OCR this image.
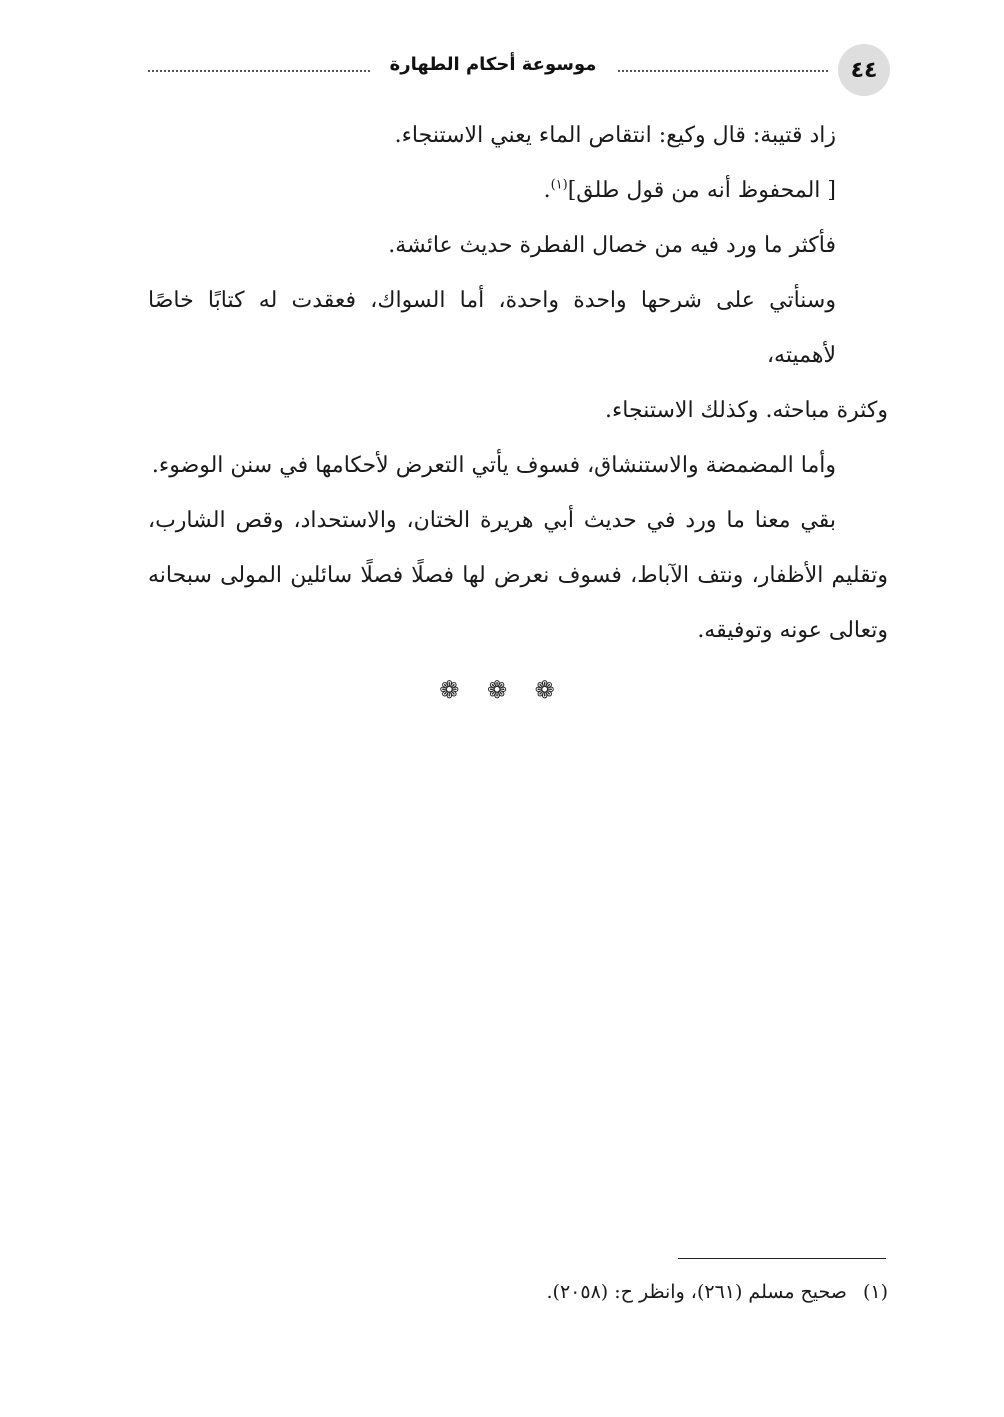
٤٤
موسوعة أحكام الطهارة
زاد قتيبة: قال وكيع: انتقاص الماء يعني الاستنجاء.
[ المحفوظ أنه من قول طلق]$^{(١)}$.
فأكثر ما ورد فيه من خصال الفطرة حديث عائشة.
وسنأتي على شرحها واحدة واحدة، أما السواك، فعقدت له كتابًا خاصًا لأهميته،
وكثرة مباحثه. وكذلك الاستنجاء.
وأما المضمضة والاستنشاق، فسوف يأتي التعرض لأحكامها في سنن الوضوء.
بقي معنا ما ورد في حديث أبي هريرة الختان، والاستحداد، وقص الشارب،
وتقليم الأظفار، ونتف الآباط، فسوف نعرض لها فصلًا فصلًا سائلين المولى سبحانه
وتعالى عونه وتوفيقه.
❁ ❁ ❁
(١)صحيح مسلم (٢٦١)، وانظر ح: (٢٠٥٨).
